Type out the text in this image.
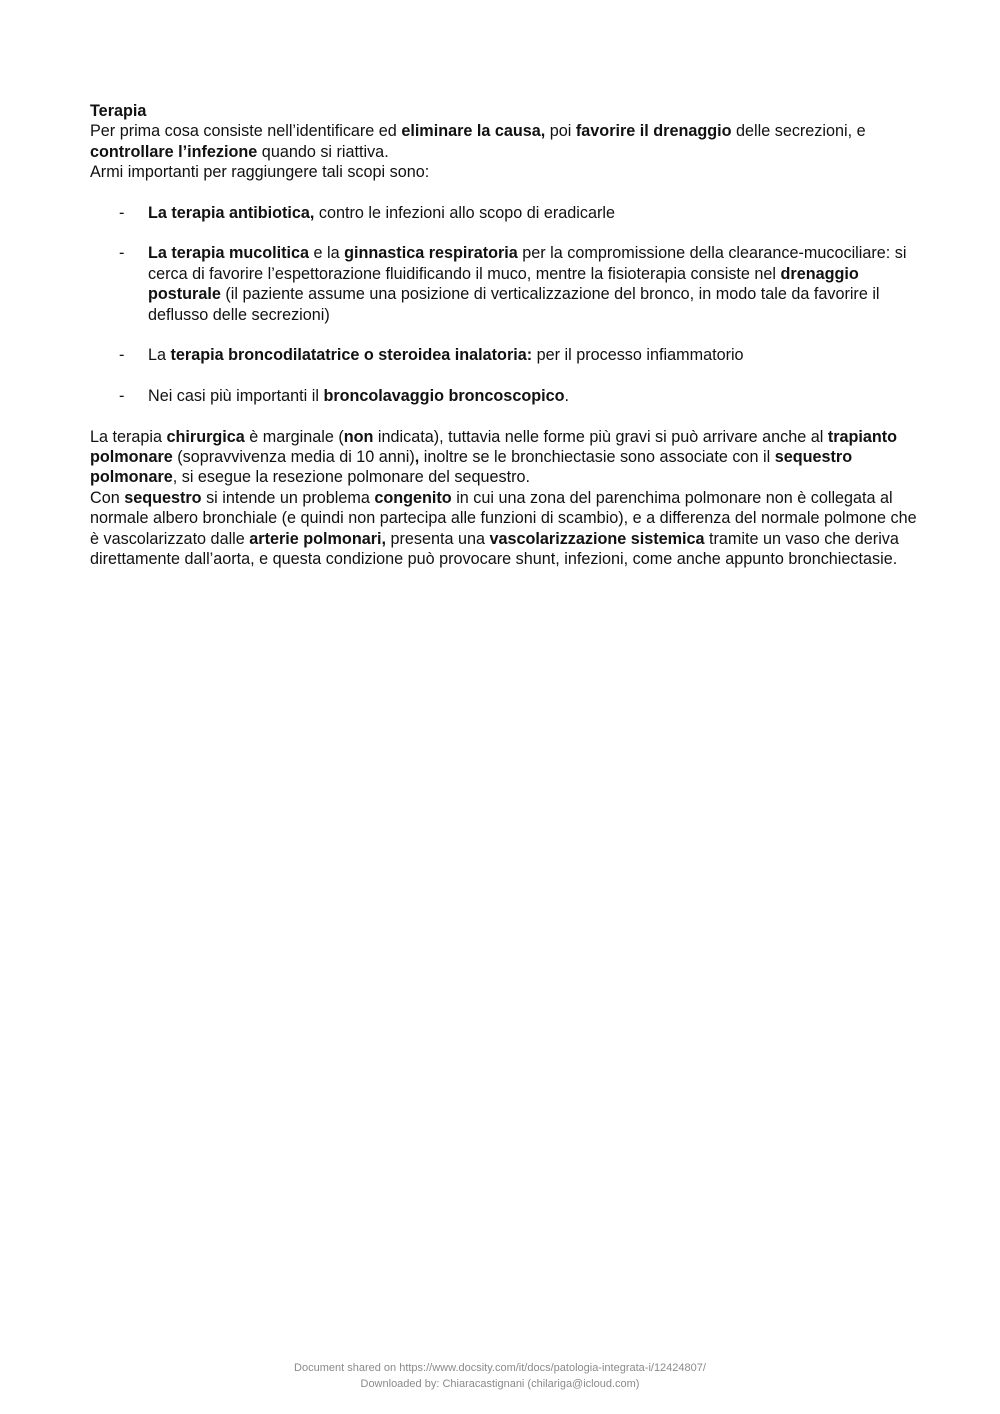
Terapia

Per prima cosa consiste nell’identificare ed eliminare la causa, poi favorire il drenaggio delle secrezioni, e controllare l’infezione quando si riattiva.

Armi importanti per raggiungere tali scopi sono:

- La terapia antibiotica, contro le infezioni allo scopo di eradicarle
- La terapia mucolitica e la ginnastica respiratoria per la compromissione della clearance-mucociliare: si cerca di favorire l’espettorazione fluidificando il muco, mentre la fisioterapia consiste nel drenaggio posturale (il paziente assume una posizione di verticalizzazione del bronco, in modo tale da favorire il deflusso delle secrezioni)
- La terapia broncodilatatrice o steroidea inalatoria: per il processo infiammatorio
- Nei casi più importanti il broncolavaggio broncoscopico.

La terapia chirurgica è marginale (non indicata), tuttavia nelle forme più gravi si può arrivare anche al trapianto polmonare (sopravvivenza media di 10 anni), inoltre se le bronchiectasie sono associate con il sequestro polmonare, si esegue la resezione polmonare del sequestro.

Con sequestro si intende un problema congenito in cui una zona del parenchima polmonare non è collegata al normale albero bronchiale (e quindi non partecipa alle funzioni di scambio), e a differenza del normale polmone che è vascolarizzato dalle arterie polmonari, presenta una vascolarizzazione sistemica tramite un vaso che deriva direttamente dall’aorta, e questa condizione può provocare shunt, infezioni, come anche appunto bronchiectasie.

Document shared on https://www.docsity.com/it/docs/patologia-integrata-i/12424807/
Downloaded by: Chiaracastignani (chilariga@icloud.com)
